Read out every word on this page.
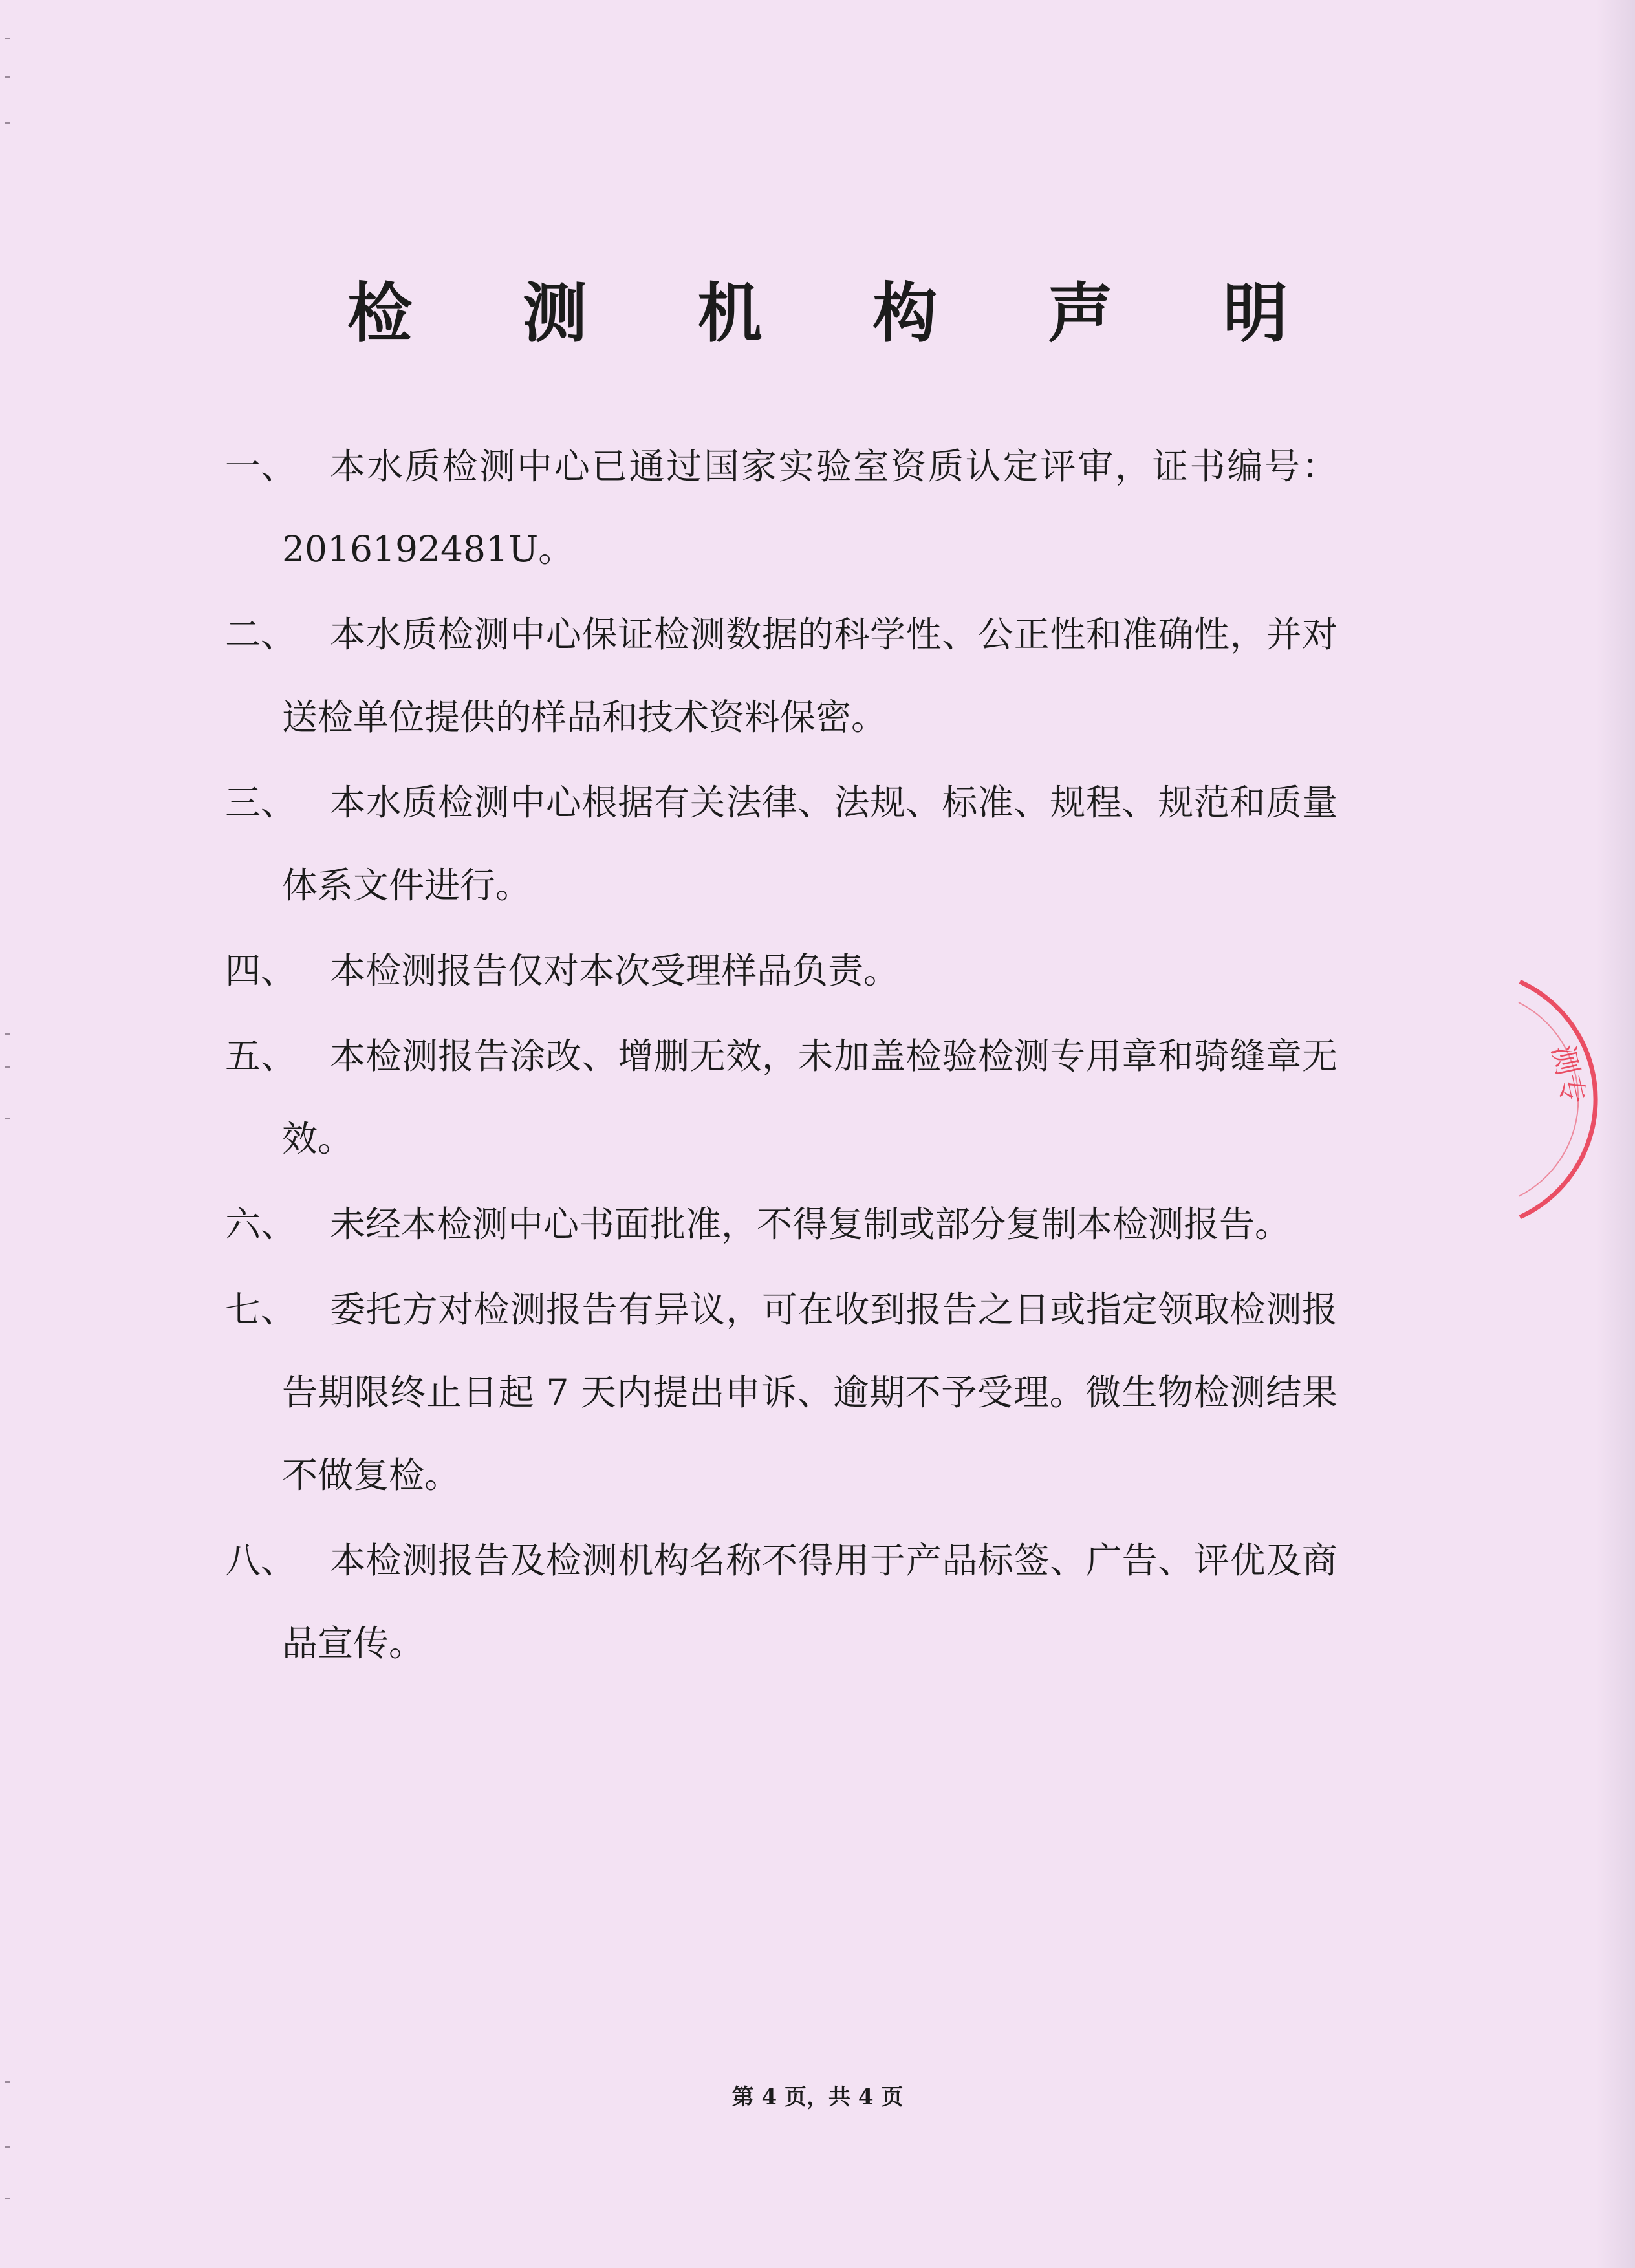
检 测 机 构 声 明
一、 本水质检测中心已通过国家实验室资质认定评审，证书编号：2016192481U。
二、 本水质检测中心保证检测数据的科学性、公正性和准确性，并对送检单位提供的样品和技术资料保密。
三、 本水质检测中心根据有关法律、法规、标准、规程、规范和质量体系文件进行。
四、 本检测报告仅对本次受理样品负责。
五、 本检测报告涂改、增删无效，未加盖检验检测专用章和骑缝章无效。
六、 未经本检测中心书面批准，不得复制或部分复制本检测报告。
七、 委托方对检测报告有异议，可在收到报告之日或指定领取检测报告期限终止日起 7 天内提出申诉、逾期不予受理。微生物检测结果不做复检。
八、 本检测报告及检测机构名称不得用于产品标签、广告、评优及商品宣传。
第 4 页，共 4 页
测专
